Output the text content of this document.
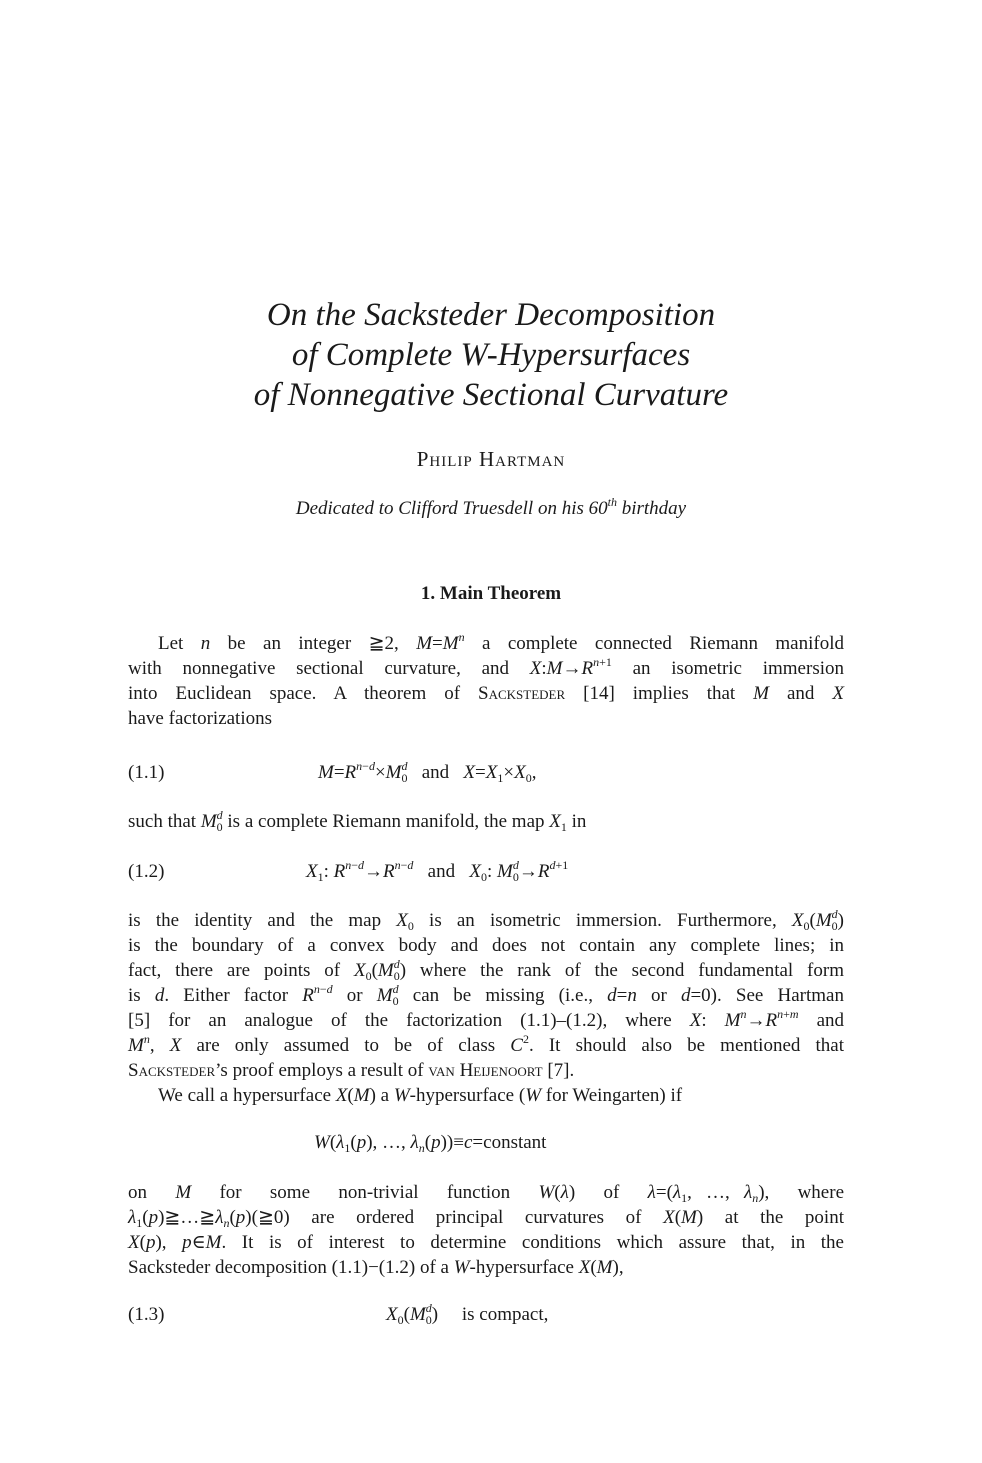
On the Sacksteder Decomposition
of Complete W-Hypersurfaces
of Nonnegative Sectional Curvature
Philip Hartman
Dedicated to Clifford Truesdell on his 60th birthday
1. Main Theorem
Let n be an integer ≧2, $M=M^n$ a complete connected Riemann manifold
with nonnegative sectional curvature, and $X:M\to R^{n+1}$ an isometric immersion
into Euclidean space. A theorem of Sacksteder [14] implies that M and X
have factorizations
(1.1)	$M=R^{n-d}\times M_0^d$   and   $X=X_1\times X_0$,
such that $M_0^d$ is a complete Riemann manifold, the map $X_1$ in
(1.2)	$X_1$: $R^{n-d}\to R^{n-d}$   and   $X_0$: $M_0^d\to R^{d+1}$
is the identity and the map $X_0$ is an isometric immersion. Furthermore, $X_0(M_0^d)$
is the boundary of a convex body and does not contain any complete lines; in
fact, there are points of $X_0(M_0^d)$ where the rank of the second fundamental form
is d. Either factor $R^{n-d}$ or $M_0^d$ can be missing (i.e., d=n or d=0). See Hartman
[5] for an analogue of the factorization (1.1)–(1.2), where X: $M^n\to R^{n+m}$ and
$M^n$, X are only assumed to be of class $C^2$. It should also be mentioned that
Sacksteder’s proof employs a result of van Heijenoort [7].
We call a hypersurface X(M) a W-hypersurface (W for Weingarten) if
$W(\lambda_1(p)$, …, $\lambda_n(p))\equiv c=constant$
on  M  for  some  non-trivial  function  W(λ)  of  $\lambda=(\lambda_1$, …, $\lambda_n$),  where
$\lambda_1(p)≧\dots≧\lambda_n(p)(≧0)$ are ordered principal curvatures of X(M) at the point
X(p), p∈M. It is of interest to determine conditions which assure that, in the
Sacksteder decomposition (1.1)−(1.2) of a W-hypersurface X(M),
(1.3)	$X_0(M_0^d)$     is compact,
